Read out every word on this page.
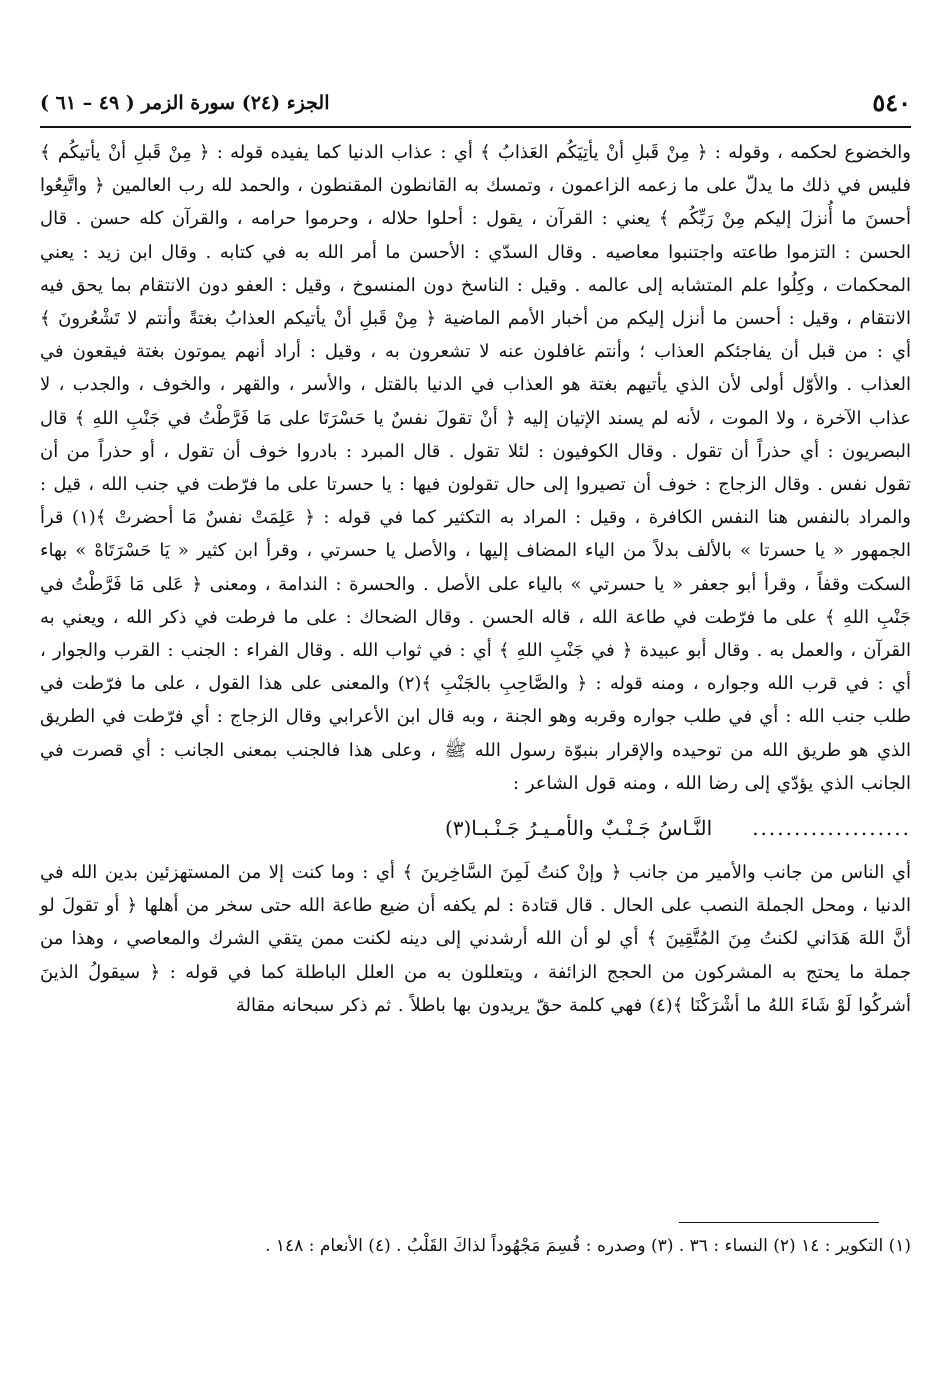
٥٤٠
الجزء (٢٤) سورة الزمر ( ٤٩ – ٦١ )

والخضوع لحكمه ، وقوله : ﴿ مِنْ قَبلِ أنْ يأتِيَكُم العَذابُ ﴾ أي : عذاب الدنيا كما يفيده قوله : ﴿ مِنْ قَبلِ أنْ يأتيكُم ﴾ فليس في ذلك ما يدلّ على ما زعمه الزاعمون ، وتمسك به القانطون المقنطون ، والحمد لله رب العالمين ﴿ واتَّبِعُوا أحسنَ ما أُنزلَ إليكم مِنْ رَبِّكُم ﴾ يعني : القرآن ، يقول : أحلوا حلاله ، وحرموا حرامه ، والقرآن كله حسن . قال الحسن : التزموا طاعته واجتنبوا معاصيه . وقال السدّي : الأحسن ما أمر الله به في كتابه . وقال ابن زيد : يعني المحكمات ، وكِلُوا علم المتشابه إلى عالمه . وقيل : الناسخ دون المنسوخ ، وقيل : العفو دون الانتقام بما يحق فيه الانتقام ، وقيل : أحسن ما أنزل إليكم من أخبار الأمم الماضية ﴿ مِنْ قَبلِ أنْ يأتيكم العذابُ بغتةً وأنتم لا تَشْعُرونَ ﴾ أي : من قبل أن يفاجئكم العذاب ؛ وأنتم غافلون عنه لا تشعرون به ، وقيل : أراد أنهم يموتون بغتة فيقعون في العذاب . والأوّل أولى لأن الذي يأتيهم بغتة هو العذاب في الدنيا بالقتل ، والأسر ، والقهر ، والخوف ، والجدب ، لا عذاب الآخرة ، ولا الموت ، لأنه لم يسند الإتيان إليه ﴿ أنْ تقولَ نفسٌ يا حَسْرَتَا على مَا فَرَّطْتُ في جَنْبِ اللهِ ﴾ قال البصريون : أي حذراً أن تقول . وقال الكوفيون : لئلا تقول . قال المبرد : بادروا خوف أن تقول ، أو حذراً من أن تقول نفس . وقال الزجاج : خوف أن تصيروا إلى حال تقولون فيها : يا حسرتا على ما فرّطت في جنب الله ، قيل : والمراد بالنفس هنا النفس الكافرة ، وقيل : المراد به التكثير كما في قوله : ﴿ عَلِمَتْ نفسٌ مَا أحضرتْ ﴾(١) قرأ الجمهور « يا حسرتا » بالألف بدلاً من الياء المضاف إليها ، والأصل يا حسرتي ، وقرأ ابن كثير « يَا حَسْرَتَاهْ » بهاء السكت وقفاً ، وقرأ أبو جعفر « يا حسرتي » بالياء على الأصل . والحسرة : الندامة ، ومعنى ﴿ عَلى مَا فَرَّطْتُ في جَنْبِ اللهِ ﴾ على ما فرّطت في طاعة الله ، قاله الحسن . وقال الضحاك : على ما فرطت في ذكر الله ، ويعني به القرآن ، والعمل به . وقال أبو عبيدة ﴿ في جَنْبِ اللهِ ﴾ أي : في ثواب الله . وقال الفراء : الجنب : القرب والجوار ، أي : في قرب الله وجواره ، ومنه قوله : ﴿ والصَّاحِبِ بالجَنْبِ ﴾(٢) والمعنى على هذا القول ، على ما فرّطت في طلب جنب الله : أي في طلب جواره وقربه وهو الجنة ، وبه قال ابن الأعرابي وقال الزجاج : أي فرّطت في الطريق الذي هو طريق الله من توحيده والإقرار بنبوّة رسول الله ﷺ ، وعلى هذا فالجنب بمعنى الجانب : أي قصرت في الجانب الذي يؤدّي إلى رضا الله ، ومنه قول الشاعر :

...................النَّـاسُ جَـنْـبٌ والأمـيـرُ جَـنْـبـا(٣)

أي الناس من جانب والأمير من جانب ﴿ وإنْ كنتُ لَمِنَ السَّاخِرينَ ﴾ أي : وما كنت إلا من المستهزئين بدين الله في الدنيا ، ومحل الجملة النصب على الحال . قال قتادة : لم يكفه أن ضيع طاعة الله حتى سخر من أهلها ﴿ أو تقولَ لو أنَّ اللهَ هَدَاني لكنتُ مِنَ المُتَّقِينَ ﴾ أي لو أن الله أرشدني إلى دينه لكنت ممن يتقي الشرك والمعاصي ، وهذا من جملة ما يحتج به المشركون من الحجج الزائفة ، ويتعللون به من العلل الباطلة كما في قوله : ﴿ سيقولُ الذينَ أشركُوا لَوْ شَاءَ اللهُ ما أشْرَكْنَا ﴾(٤) فهي كلمة حقّ يريدون بها باطلاً . ثم ذكر سبحانه مقالة

(١) التكوير : ١٤ (٢) النساء : ٣٦ . (٣) وصدره : قُسِمَ مَجْهُوداً لذاكَ القَلْبُ . (٤) الأنعام : ١٤٨ .
